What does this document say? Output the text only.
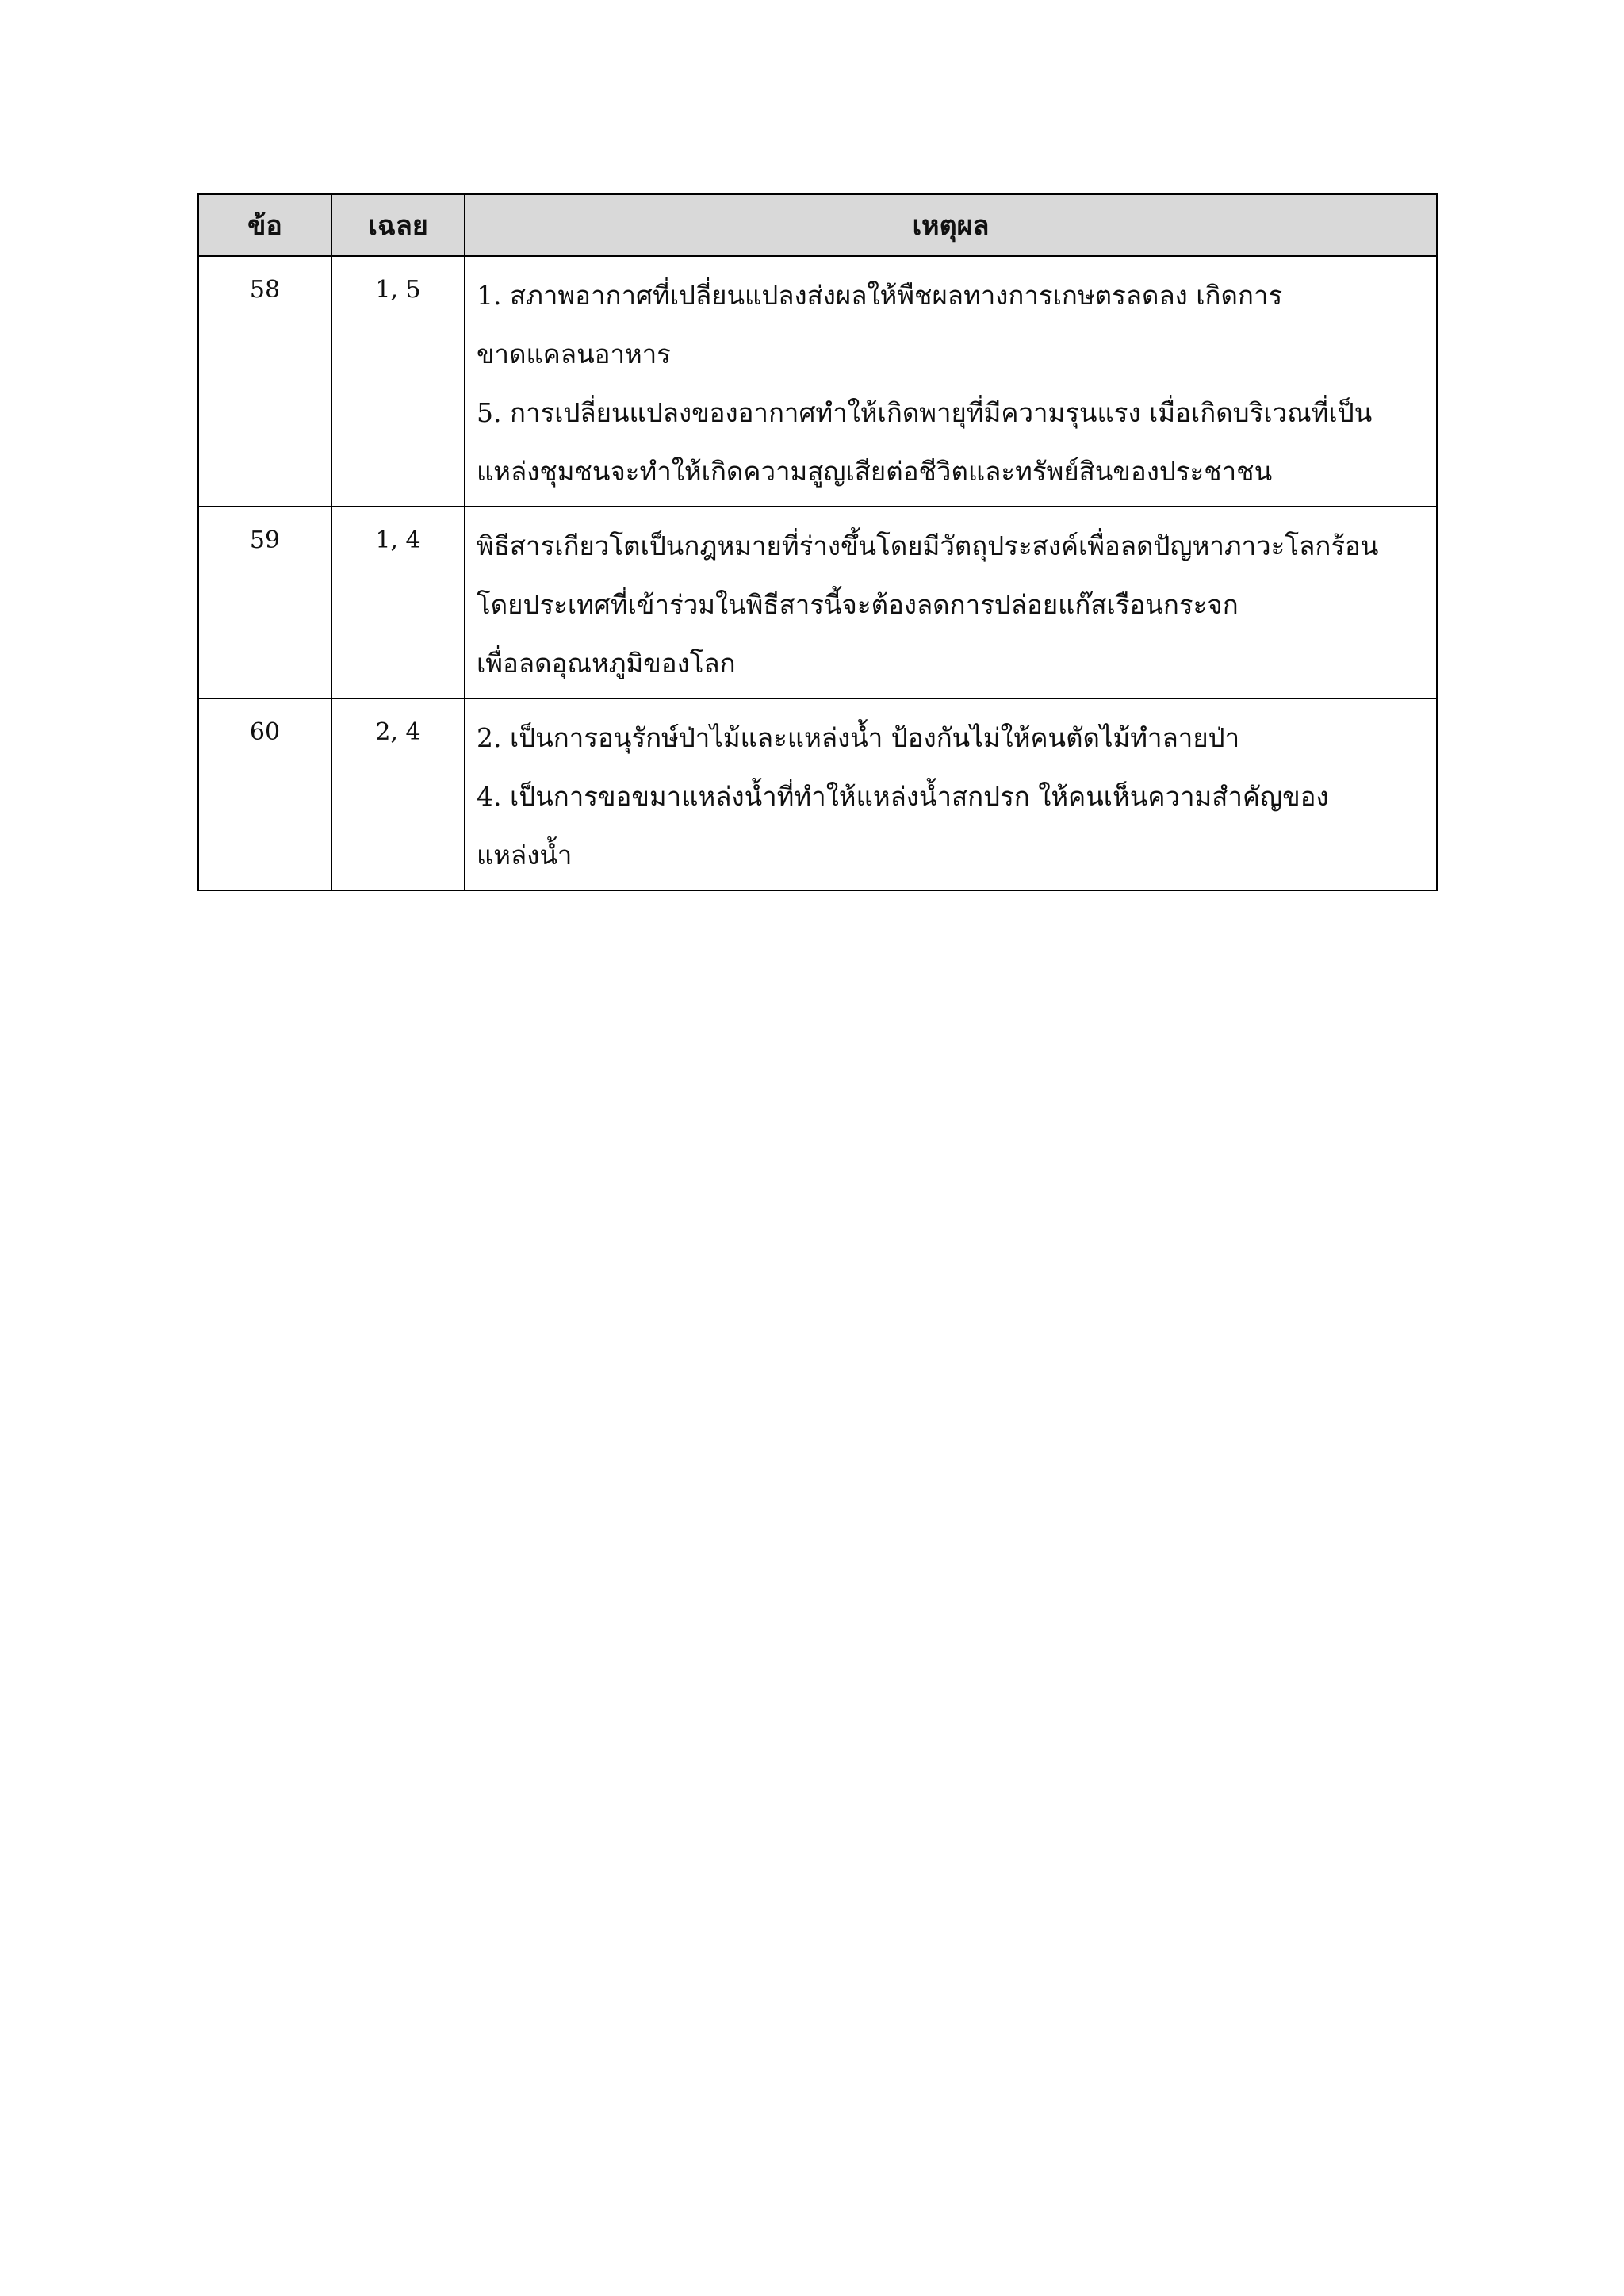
ข้อ	เฉลย	เหตุผล
58	1, 5	1. สภาพอากาศที่เปลี่ยนแปลงส่งผลให้พืชผลทางการเกษตรลดลง เกิดการ
ขาดแคลนอาหาร
5. การเปลี่ยนแปลงของอากาศทำให้เกิดพายุที่มีความรุนแรง เมื่อเกิดบริเวณที่เป็น
แหล่งชุมชนจะทำให้เกิดความสูญเสียต่อชีวิตและทรัพย์สินของประชาชน

59	1, 4	พิธีสารเกียวโตเป็นกฎหมายที่ร่างขึ้นโดยมีวัตถุประสงค์เพื่อลดปัญหาภาวะโลกร้อน
โดยประเทศที่เข้าร่วมในพิธีสารนี้จะต้องลดการปล่อยแก๊สเรือนกระจก
เพื่อลดอุณหภูมิของโลก

60	2, 4	2. เป็นการอนุรักษ์ป่าไม้และแหล่งน้ำ ป้องกันไม่ให้คนตัดไม้ทำลายป่า
4. เป็นการขอขมาแหล่งน้ำที่ทำให้แหล่งน้ำสกปรก ให้คนเห็นความสำคัญของ
แหล่งน้ำ
